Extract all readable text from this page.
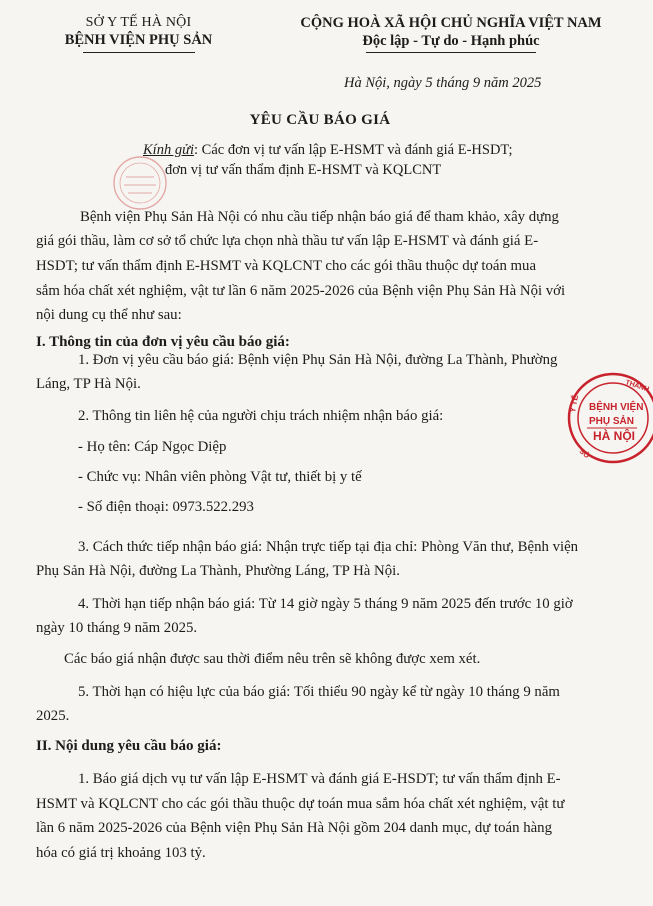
SỞ Y TẾ HÀ NỘI
BỆNH VIỆN PHỤ SẢN
CỘNG HOÀ XÃ HỘI CHỦ NGHĨA VIỆT NAM
Độc lập - Tự do - Hạnh phúc
Hà Nội, ngày 5 tháng 9 năm 2025
YÊU CẦU BÁO GIÁ
Kính gửi: Các đơn vị tư vấn lập E-HSMT và đánh giá E-HSDT;
đơn vị tư vấn thẩm định E-HSMT và KQLCNT
THÀNH
Y TẾ
SỞ
BỆNH VIỆN
PHỤ SẢN
HÀ NỘI
Bệnh viện Phụ Sản Hà Nội có nhu cầu tiếp nhận báo giá để tham khảo, xây dựng
giá gói thầu, làm cơ sở tổ chức lựa chọn nhà thầu tư vấn lập E-HSMT và đánh giá E-
HSDT; tư vấn thẩm định E-HSMT và KQLCNT cho các gói thầu thuộc dự toán mua
sắm hóa chất xét nghiệm, vật tư lần 6 năm 2025-2026 của Bệnh viện Phụ Sản Hà Nội với
nội dung cụ thể như sau:
I. Thông tin của đơn vị yêu cầu báo giá:
1. Đơn vị yêu cầu báo giá: Bệnh viện Phụ Sản Hà Nội, đường La Thành, Phường
Láng, TP Hà Nội.
2. Thông tin liên hệ của người chịu trách nhiệm nhận báo giá:
- Họ tên: Cáp Ngọc Diệp
- Chức vụ: Nhân viên phòng Vật tư, thiết bị y tế
- Số điện thoại: 0973.522.293
3. Cách thức tiếp nhận báo giá: Nhận trực tiếp tại địa chỉ: Phòng Văn thư, Bệnh viện
Phụ Sản Hà Nội, đường La Thành, Phường Láng, TP Hà Nội.
4. Thời hạn tiếp nhận báo giá: Từ 14 giờ ngày 5 tháng 9 năm 2025 đến trước 10 giờ
ngày 10 tháng 9 năm 2025.
Các báo giá nhận được sau thời điểm nêu trên sẽ không được xem xét.
5. Thời hạn có hiệu lực của báo giá: Tối thiểu 90 ngày kể từ ngày 10 tháng 9 năm
2025.
II. Nội dung yêu cầu báo giá:
1. Báo giá dịch vụ tư vấn lập E-HSMT và đánh giá E-HSDT; tư vấn thẩm định E-
HSMT và KQLCNT cho các gói thầu thuộc dự toán mua sắm hóa chất xét nghiệm, vật tư
lần 6 năm 2025-2026 của Bệnh viện Phụ Sản Hà Nội gồm 204 danh mục, dự toán hàng
hóa có giá trị khoảng 103 tỷ.
